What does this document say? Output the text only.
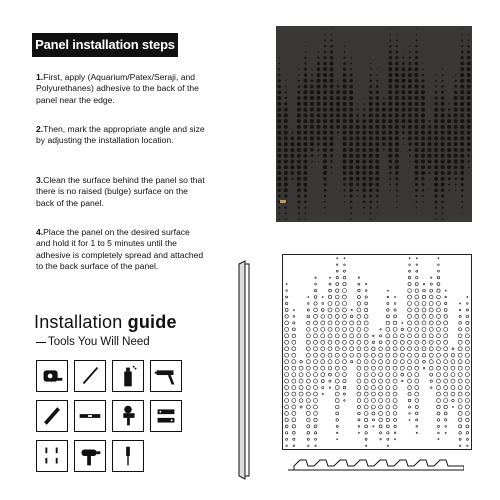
Panel installation steps
1.First, apply (Aquarium/Patex/Seraji, and Polyurethanes) adhesive to the back of the panel near the edge.
2.Then, mark the appropriate angle and size by adjusting the installation location.
3.Clean the surface behind the panel so that there is no raised (bulge) surface on the back of the panel.
4.Place the panel on the desired surface and hold it for 1 to 5 minutes until the adhesive is completely spread and attached to the back surface of the panel.
Installation guide
Tools You Will Need
